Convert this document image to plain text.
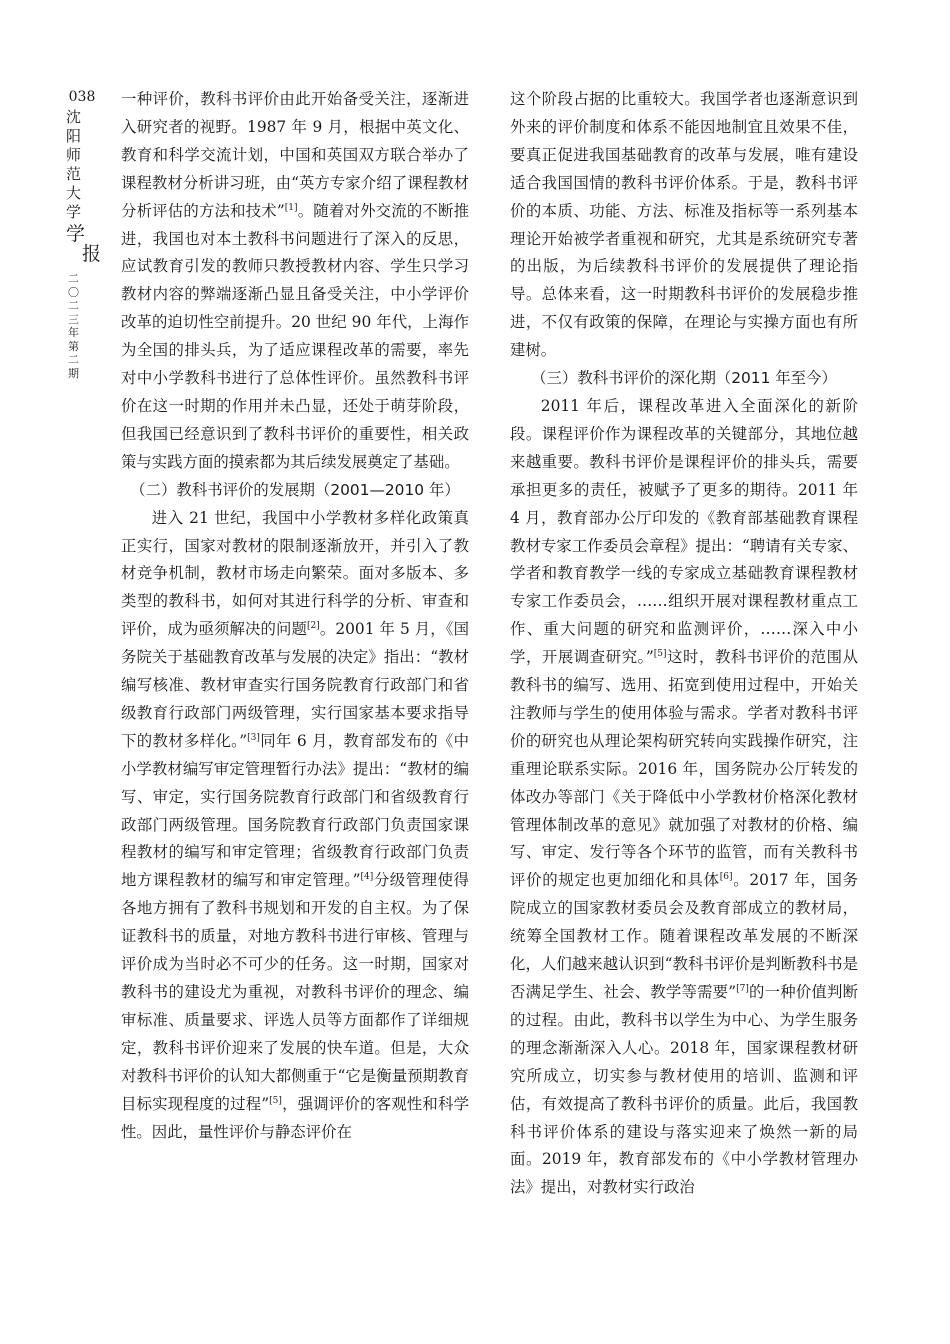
038
沈
阳
师
范
大
学
学
报
二
〇
二
三
年
第
二
期

一种评价，教科书评价由此开始备受关注，逐渐进入研究者的视野。1987 年 9 月，根据中英文化、教育和科学交流计划，中国和英国双方联合举办了课程教材分析讲习班，由“英方专家介绍了课程教材分析评估的方法和技术”[1]。随着对外交流的不断推进，我国也对本土教科书问题进行了深入的反思，应试教育引发的教师只教授教材内容、学生只学习教材内容的弊端逐渐凸显且备受关注，中小学评价改革的迫切性空前提升。20 世纪 90 年代，上海作为全国的排头兵，为了适应课程改革的需要，率先对中小学教科书进行了总体性评价。虽然教科书评价在这一时期的作用并未凸显，还处于萌芽阶段，但我国已经意识到了教科书评价的重要性，相关政策与实践方面的摸索都为其后续发展奠定了基础。

（二）教科书评价的发展期（2001—2010 年）

进入 21 世纪，我国中小学教材多样化政策真正实行，国家对教材的限制逐渐放开，并引入了教材竞争机制，教材市场走向繁荣。面对多版本、多类型的教科书，如何对其进行科学的分析、审查和评价，成为亟须解决的问题[2]。2001 年 5 月，《国务院关于基础教育改革与发展的决定》指出：“教材编写核准、教材审查实行国务院教育行政部门和省级教育行政部门两级管理，实行国家基本要求指导下的教材多样化。”[3]同年 6 月，教育部发布的《中小学教材编写审定管理暂行办法》提出：“教材的编写、审定，实行国务院教育行政部门和省级教育行政部门两级管理。国务院教育行政部门负责国家课程教材的编写和审定管理；省级教育行政部门负责地方课程教材的编写和审定管理。”[4]分级管理使得各地方拥有了教科书规划和开发的自主权。为了保证教科书的质量，对地方教科书进行审核、管理与评价成为当时必不可少的任务。这一时期，国家对教科书的建设尤为重视，对教科书评价的理念、编审标准、质量要求、评选人员等方面都作了详细规定，教科书评价迎来了发展的快车道。但是，大众对教科书评价的认知大都侧重于“它是衡量预期教育目标实现程度的过程”[5]，强调评价的客观性和科学性。因此，量性评价与静态评价在

这个阶段占据的比重较大。我国学者也逐渐意识到外来的评价制度和体系不能因地制宜且效果不佳，要真正促进我国基础教育的改革与发展，唯有建设适合我国国情的教科书评价体系。于是，教科书评价的本质、功能、方法、标准及指标等一系列基本理论开始被学者重视和研究，尤其是系统研究专著的出版，为后续教科书评价的发展提供了理论指导。总体来看，这一时期教科书评价的发展稳步推进，不仅有政策的保障，在理论与实操方面也有所建树。

（三）教科书评价的深化期（2011 年至今）

2011 年后，课程改革进入全面深化的新阶段。课程评价作为课程改革的关键部分，其地位越来越重要。教科书评价是课程评价的排头兵，需要承担更多的责任，被赋予了更多的期待。2011 年 4 月，教育部办公厅印发的《教育部基础教育课程教材专家工作委员会章程》提出：“聘请有关专家、学者和教育教学一线的专家成立基础教育课程教材专家工作委员会，……组织开展对课程教材重点工作、重大问题的研究和监测评价，……深入中小学，开展调查研究。”[5]这时，教科书评价的范围从教科书的编写、选用、拓宽到使用过程中，开始关注教师与学生的使用体验与需求。学者对教科书评价的研究也从理论架构研究转向实践操作研究，注重理论联系实际。2016 年，国务院办公厅转发的体改办等部门《关于降低中小学教材价格深化教材管理体制改革的意见》就加强了对教材的价格、编写、审定、发行等各个环节的监管，而有关教科书评价的规定也更加细化和具体[6]。2017 年，国务院成立的国家教材委员会及教育部成立的教材局，统筹全国教材工作。随着课程改革发展的不断深化，人们越来越认识到“教科书评价是判断教科书是否满足学生、社会、教学等需要”[7]的一种价值判断的过程。由此，教科书以学生为中心、为学生服务的理念渐渐深入人心。2018 年，国家课程教材研究所成立，切实参与教材使用的培训、监测和评估，有效提高了教科书评价的质量。此后，我国教科书评价体系的建设与落实迎来了焕然一新的局面。2019 年，教育部发布的《中小学教材管理办法》提出，对教材实行政治
